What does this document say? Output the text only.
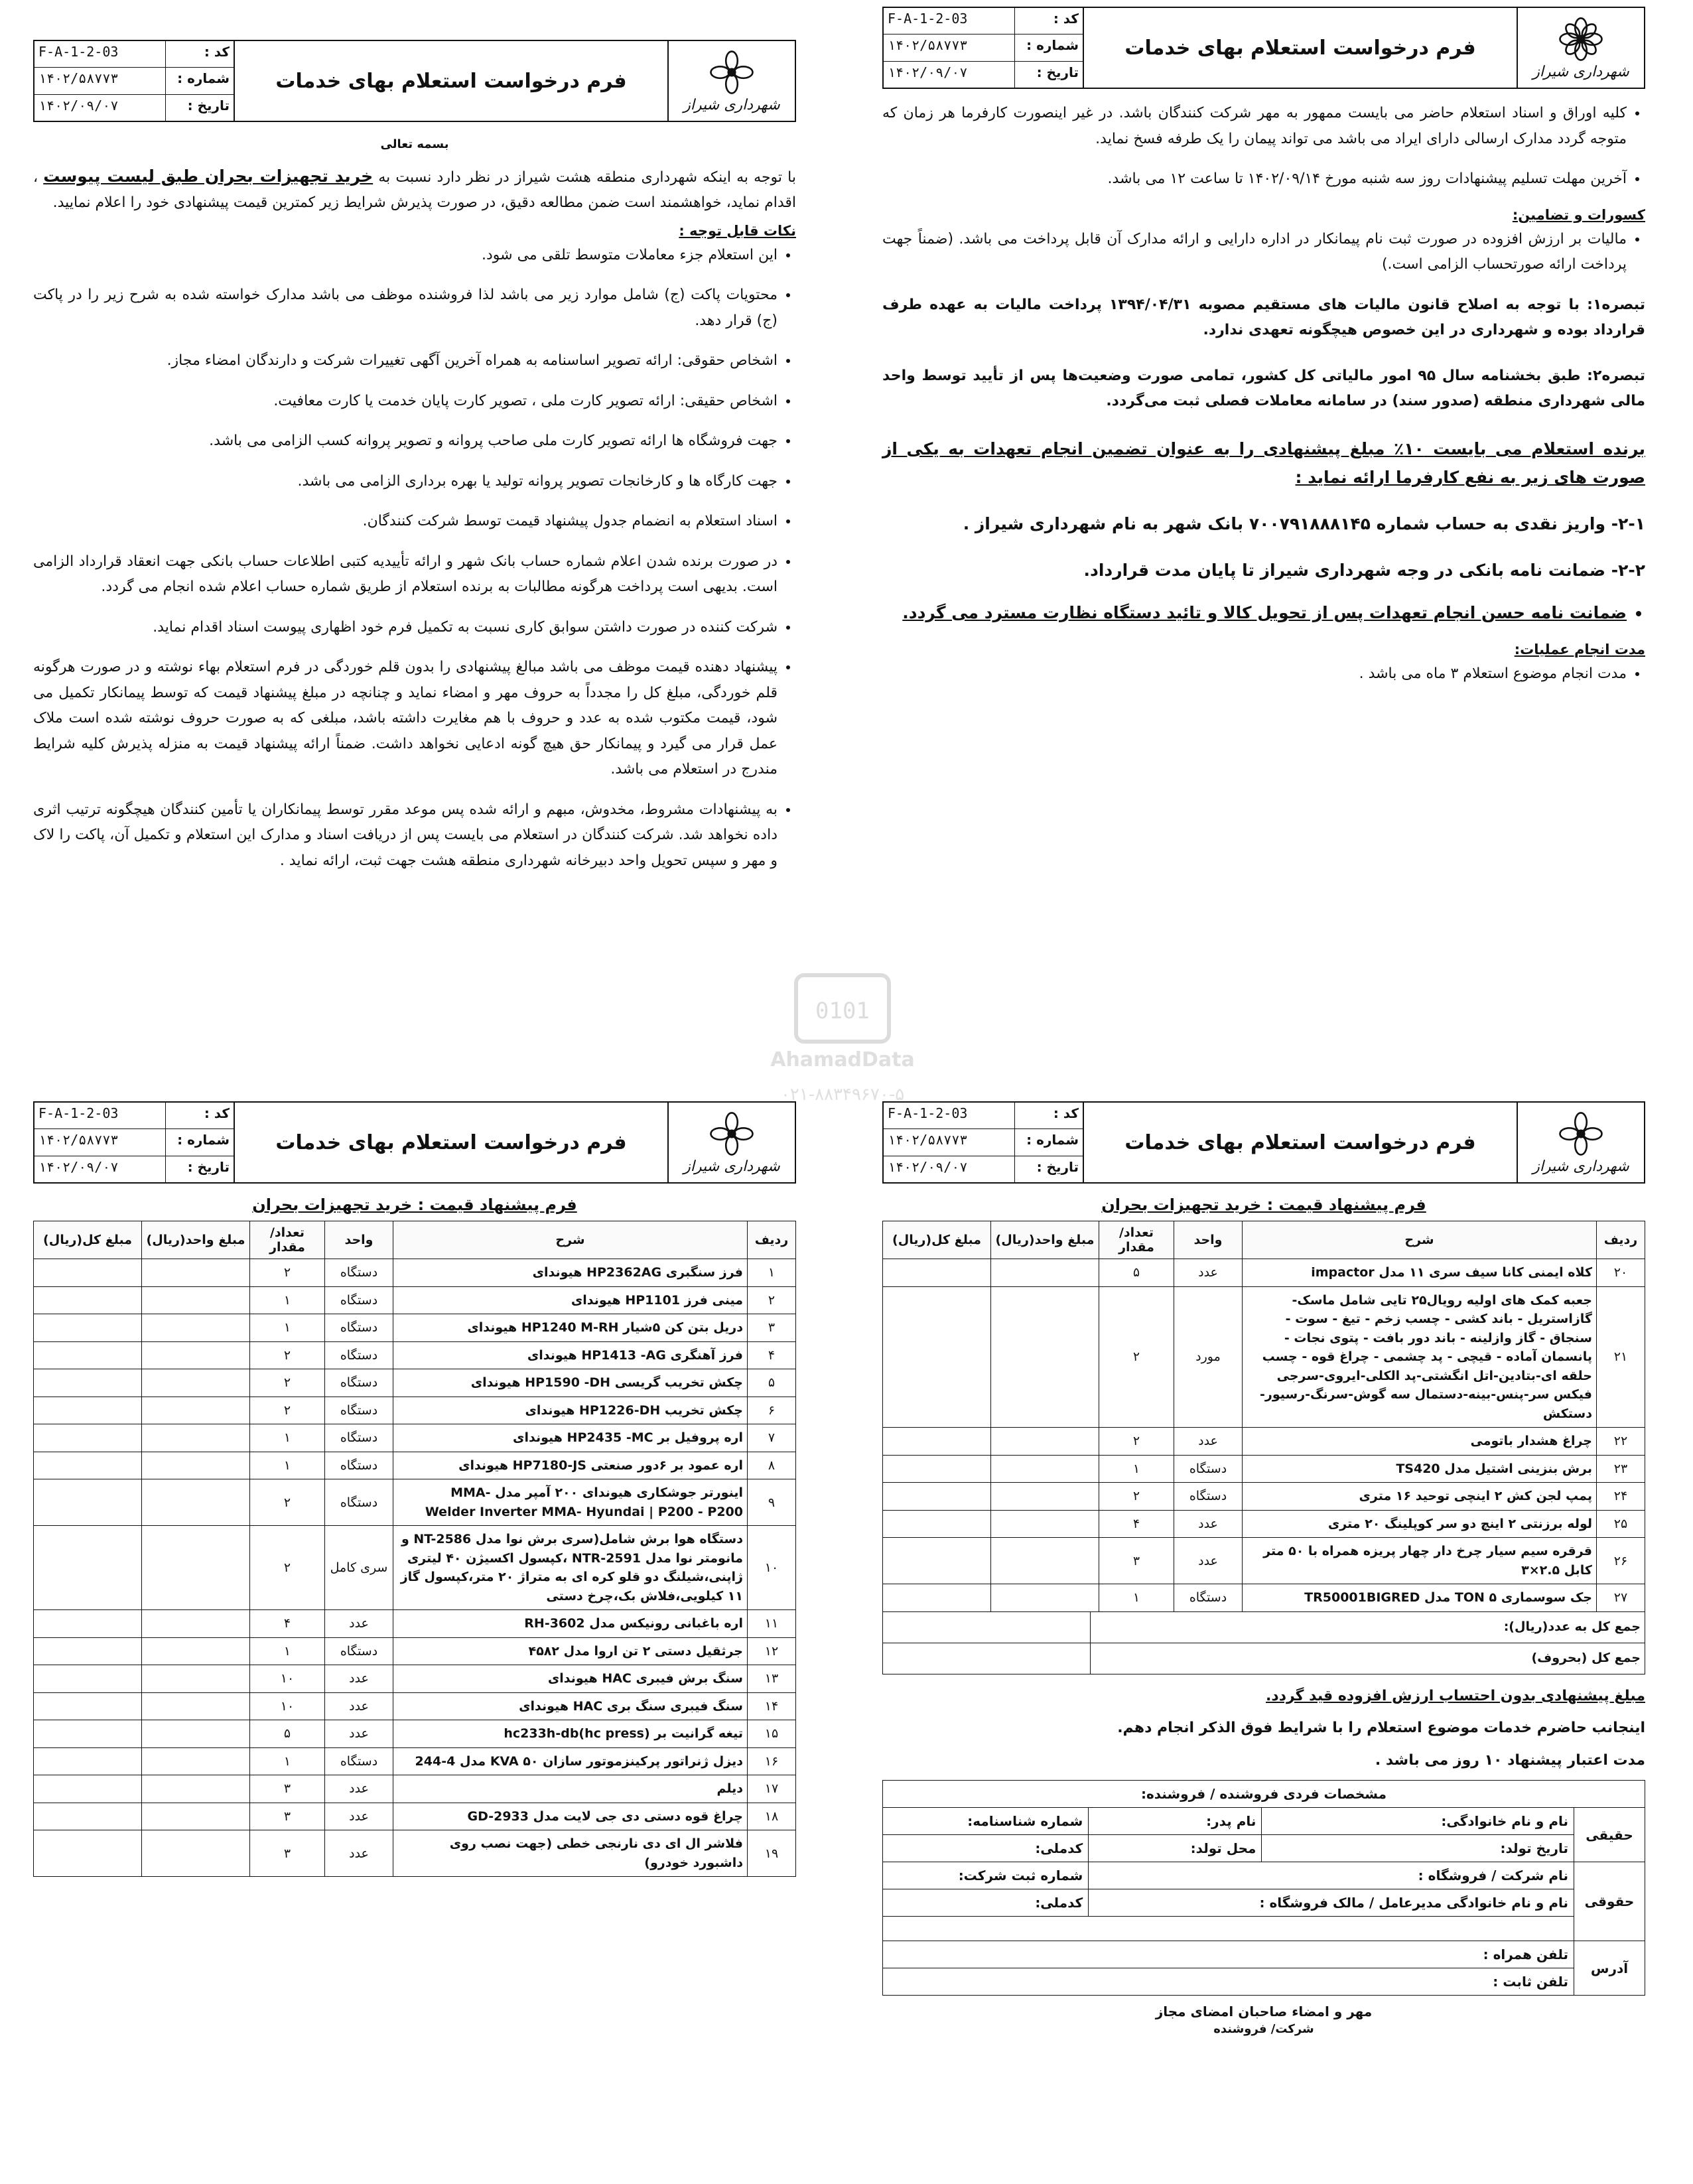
شهرداری شیراز
فرم درخواست استعلام بهای خدمات
کد :
F-A-1-2-03
شماره :
۱۴۰۲/۵۸۷۷۳
تاریخ :
۱۴۰۲/۰۹/۰۷
• کلیه اوراق و اسناد استعلام حاضر می بایست ممهور به مهر شرکت کنندگان باشد. در غیر اینصورت کارفرما هر زمان که متوجه گردد مدارک ارسالی دارای ایراد می باشد می تواند پیمان را یک طرفه فسخ نماید.
• آخرین مهلت تسلیم پیشنهادات روز سه شنبه مورخ ۱۴۰۲/۰۹/۱۴ تا ساعت ۱۲ می باشد.
کسورات و تضامین:
• مالیات بر ارزش افزوده در صورت ثبت نام پیمانکار در اداره دارایی و ارائه مدارک آن قابل پرداخت می باشد. (ضمناً جهت پرداخت ارائه صورتحساب الزامی است.)

تبصره۱: با توجه به اصلاح قانون مالیات های مستقیم مصوبه ۱۳۹۴/۰۴/۳۱ پرداخت مالیات به عهده طرف قرارداد بوده و شهرداری در این خصوص هیچگونه تعهدی ندارد.

تبصره۲: طبق بخشنامه سال ۹۵ امور مالیاتی کل کشور، تمامی صورت وضعیت‌ها پس از تأیید توسط واحد مالی شهرداری منطقه (صدور سند) در سامانه معاملات فصلی ثبت می‌گردد.

برنده استعلام می بایست ۱۰٪ مبلغ پیشنهادی را به عنوان تضمین انجام تعهدات به یکی از صورت های زیر به نفع کارفرما ارائه نماید :

۲-۱- واریز نقدی به حساب شماره ۷۰۰۷۹۱۸۸۸۱۴۵ بانک شهر به نام شهرداری شیراز .

۲-۲- ضمانت نامه بانکی در وجه شهرداری شیراز تا پایان مدت قرارداد.

• ضمانت نامه حسن انجام تعهدات پس از تحویل کالا و تائید دستگاه نظارت مسترد می گردد.
مدت انجام عملیات:
• مدت انجام موضوع استعلام ۳ ماه می باشد .
شهرداری شیراز
فرم درخواست استعلام بهای خدمات
کد :
F-A-1-2-03
شماره :
۱۴۰۲/۵۸۷۷۳
تاریخ :
۱۴۰۲/۰۹/۰۷

بسمه تعالی

با توجه به اینکه شهرداری منطقه هشت شیراز در نظر دارد نسبت به خرید تجهیزات بحران طبق لیست پیوست ، اقدام نماید، خواهشمند است ضمن مطالعه دقیق، در صورت پذیرش شرایط زیر کمترین قیمت پیشنهادی خود را اعلام نمایید.

نکات قابل توجه :
• این استعلام جزء معاملات متوسط تلقی می شود.
• محتویات پاکت (ج) شامل موارد زیر می باشد لذا فروشنده موظف می باشد مدارک خواسته شده به شرح زیر را در پاکت (ج) قرار دهد.
• اشخاص حقوقی: ارائه تصویر اساسنامه به همراه آخرین آگهی تغییرات شرکت و دارندگان امضاء مجاز.
• اشخاص حقیقی: ارائه تصویر کارت ملی ، تصویر کارت پایان خدمت یا کارت معافیت.
• جهت فروشگاه ها ارائه تصویر کارت ملی صاحب پروانه و تصویر پروانه کسب الزامی می باشد.
• جهت کارگاه ها و کارخانجات تصویر پروانه تولید یا بهره برداری الزامی می باشد.
• اسناد استعلام به انضمام جدول پیشنهاد قیمت توسط شرکت کنندگان.
• در صورت برنده شدن اعلام شماره حساب بانک شهر و ارائه تأییدیه کتبی اطلاعات حساب بانکی جهت انعقاد قرارداد الزامی است. بدیهی است پرداخت هرگونه مطالبات به برنده استعلام از طریق شماره حساب اعلام شده انجام می گردد.
• شرکت کننده در صورت داشتن سوابق کاری نسبت به تکمیل فرم خود اظهاری پیوست اسناد اقدام نماید.
• پیشنهاد دهنده قیمت موظف می باشد مبالغ پیشنهادی را بدون قلم خوردگی در فرم استعلام بهاء نوشته و در صورت هرگونه قلم خوردگی، مبلغ کل را مجدداً به حروف مهر و امضاء نماید و چنانچه در مبلغ پیشنهاد قیمت که توسط پیمانکار تکمیل می شود، قیمت مکتوب شده به عدد و حروف با هم مغایرت داشته باشد، مبلغی که به صورت حروف نوشته شده است ملاک عمل قرار می گیرد و پیمانکار حق هیچ گونه ادعایی نخواهد داشت. ضمناً ارائه پیشنهاد قیمت به منزله پذیرش کلیه شرایط مندرج در استعلام می باشد.
• به پیشنهادات مشروط، مخدوش، مبهم و ارائه شده پس موعد مقرر توسط پیمانکاران یا تأمین کنندگان هیچگونه ترتیب اثری داده نخواهد شد. شرکت کنندگان در استعلام می بایست پس از دریافت اسناد و مدارک این استعلام و تکمیل آن، پاکت را لاک و مهر و سپس تحویل واحد دبیرخانه شهرداری منطقه هشت جهت ثبت، ارائه نماید .
0101
AhamadData
۰۲۱-۸۸۳۴۹۶۷۰-۵
شهرداری شیراز
فرم درخواست استعلام بهای خدمات
کد :
F-A-1-2-03
شماره :
۱۴۰۲/۵۸۷۷۳
تاریخ :
۱۴۰۲/۰۹/۰۷
فرم پیشنهاد قیمت : خرید تجهیزات بحران
ردیف	شرح	واحد	تعداد/ مقدار	مبلغ واحد(ریال)	مبلغ کل(ریال)
۲۰	کلاه ایمنی کانا سیف سری ۱۱ مدل impactor	عدد	۵		
۲۱	جعبه کمک های اولیه رویال۲۵ تایی شامل ماسک-گازاستریل - باند کشی - چسب زخم - تیغ - سوت - سنجاق - گاز وازلینه - باند دور بافت - پتوی نجات - پانسمان آماده - قیچی - پد چشمی - چراغ قوه - چسب حلقه ای-بتادین-اتل انگشتی-پد الکلی-ایروی-سرجی فیکس سر-پنس-بینه-دستمال سه گوش-سرنگ-رسیور-دستکش	مورد	۲		
۲۲	چراغ هشدار باتومی	عدد	۲		
۲۳	برش بنزینی اشتیل مدل TS420	دستگاه	۱		
۲۴	پمپ لجن کش ۲ اینچی توحید ۱۶ متری	دستگاه	۲		
۲۵	لوله برزنتی ۲ اینچ دو سر کوپلینگ ۲۰ متری	عدد	۴		
۲۶	قرقره سیم سیار چرخ دار چهار پریزه همراه با ۵۰ متر کابل ۲.۵×۳	عدد	۳		
۲۷	جک سوسماری ۵ TON مدل TR50001BIGRED	دستگاه	۱		
جمع کل به عدد(ریال):	
جمع کل (بحروف)	

مبلغ پیشنهادی بدون احتساب ارزش افزوده قید گردد.

اینجانب حاضرم خدمات موضوع استعلام را با شرایط فوق الذکر انجام دهم.

مدت اعتبار پیشنهاد ۱۰ روز می باشد .

مشخصات فردی فروشنده / فروشنده:			
حقیقی	نام و نام خانوادگی:	نام پدر:	شماره شناسنامه:
	تاریخ تولد:	محل تولد:	کدملی:
حقوقی	نام شرکت / فروشگاه :		شماره ثبت شرکت:
	نام و نام خانوادگی مدیرعامل / مالک فروشگاه :		کدملی:

آدرس	تلفن همراه :		
	تلفن ثابت :		
مهر و امضاء صاحبان امضای مجاز
شرکت/ فروشنده
شهرداری شیراز
فرم درخواست استعلام بهای خدمات
کد :
F-A-1-2-03
شماره :
۱۴۰۲/۵۸۷۷۳
تاریخ :
۱۴۰۲/۰۹/۰۷
فرم پیشنهاد قیمت : خرید تجهیزات بحران
ردیف	شرح	واحد	تعداد/ مقدار	مبلغ واحد(ریال)	مبلغ کل(ریال)
۱	فرز سنگبری HP2362AG هیوندای	دستگاه	۲		
۲	مینی فرز HP1101 هیوندای	دستگاه	۱		
۳	دریل بتن کن ۵شیار HP1240 M-RH هیوندای	دستگاه	۱		
۴	فرز آهنگری HP1413 -AG هیوندای	دستگاه	۲		
۵	چکش تخریب گریسی HP1590 -DH هیوندای	دستگاه	۲		
۶	چکش تخریب HP1226-DH هیوندای	دستگاه	۲		
۷	اره پروفیل بر HP2435 -MC هیوندای	دستگاه	۱		
۸	اره عمود بر ۶دور صنعتی HP7180-JS هیوندای	دستگاه	۱		
۹	اینورتر جوشکاری هیوندای ۲۰۰ آمپر مدل MMA- Welder Inverter MMA- Hyundai | P200 - P200	دستگاه	۲		
۱۰	دستگاه هوا برش شامل(سری برش نوا مدل NT-2586 و مانومتر نوا مدل NTR-2591 ،کپسول اکسیژن ۴۰ لیتری ژاپنی،شیلنگ دو قلو کره ای به متراژ ۲۰ متر،کپسول گاز ۱۱ کیلویی،فلاش بک،چرخ دستی	سری کامل	۲		
۱۱	اره باغبانی رونیکس مدل RH-3602	عدد	۴		
۱۲	جرثقیل دستی ۲ تن اروا مدل ۴۵۸۲	دستگاه	۱		
۱۳	سنگ برش فیبری HAC هیوندای	عدد	۱۰		
۱۴	سنگ فیبری سنگ بری HAC هیوندای	عدد	۱۰		
۱۵	تیغه گرانیت بر hc233h-db(hc press)	عدد	۵		
۱۶	دیزل ژنراتور پرکینزموتور سازان KVA ۵۰ مدل 4-244	دستگاه	۱		
۱۷	دیلم	عدد	۳		
۱۸	چراغ قوه دستی دی جی لایت مدل GD-2933	عدد	۳		
۱۹	فلاشر ال ای دی نارنجی خطی (جهت نصب روی داشبورد خودرو)	عدد	۳		
